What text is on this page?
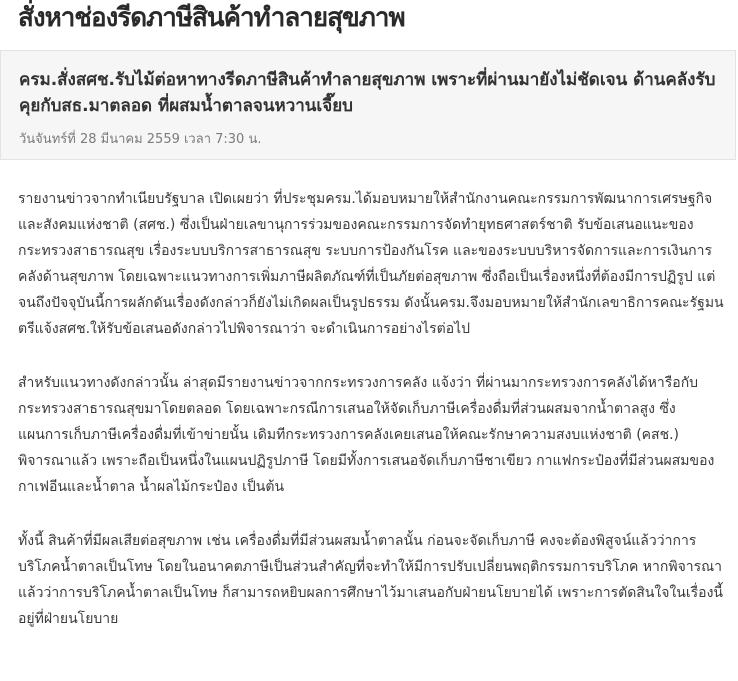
สั่งหาช่องรีดภาษีสินค้าทำลายสุขภาพ
ครม.สั่งสศช.รับไม้ต่อหาทางรีดภาษีสินค้าทำลายสุขภาพ เพราะที่ผ่านมายังไม่ชัดเจน ด้านคลังรับคุยกับสธ.มาตลอด ที่ผสมน้ำตาลจนหวานเจี๊ยบ
วันจันทร์ที่ 28 มีนาคม 2559 เวลา 7:30 น.

รายงานข่าวจากทำเนียบรัฐบาล เปิดเผยว่า ที่ประชุมครม.ได้มอบหมายให้สำนักงานคณะกรรมการพัฒนาการเศรษฐกิจและสังคมแห่งชาติ (สศช.) ซึ่งเป็นฝ่ายเลขานุการร่วมของคณะกรรมการจัดทำยุทธศาสตร์ชาติ รับข้อเสนอแนะของกระทรวงสาธารณสุข เรื่องระบบบริการสาธารณสุข ระบบการป้องกันโรค และของระบบบริหารจัดการและการเงินการคลังด้านสุขภาพ โดยเฉพาะแนวทางการเพิ่มภาษีผลิตภัณฑ์ที่เป็นภัยต่อสุขภาพ ซึ่งถือเป็นเรื่องหนึ่งที่ต้องมีการปฏิรูป แต่จนถึงปัจจุบันนี้การผลักดันเรื่องดังกล่าวก็ยังไม่เกิดผลเป็นรูปธรรม ดังนั้นครม.จึงมอบหมายให้สำนักเลขาธิการคณะรัฐมนตรีแจ้งสศช.ให้รับข้อเสนอดังกล่าวไปพิจารณาว่า จะดำเนินการอย่างไรต่อไป

สำหรับแนวทางดังกล่าวนั้น ล่าสุดมีรายงานข่าวจากกระทรวงการคลัง แจ้งว่า ที่ผ่านมากระทรวงการคลังได้หารือกับกระทรวงสาธารณสุขมาโดยตลอด โดยเฉพาะกรณีการเสนอให้จัดเก็บภาษีเครื่องดื่มที่ส่วนผสมจากน้ำตาลสูง ซึ่งแผนการเก็บภาษีเครื่องดื่มที่เข้าข่ายนั้น เดิมทีกระทรวงการคลังเคยเสนอให้คณะรักษาความสงบแห่งชาติ (คสช.) พิจารณาแล้ว เพราะถือเป็นหนึ่งในแผนปฏิรูปภาษี โดยมีทั้งการเสนอจัดเก็บภาษีชาเขียว กาแฟกระป๋องที่มีส่วนผสมของกาเฟอีนและน้ำตาล น้ำผลไม้กระป๋อง เป็นต้น

ทั้งนี้ สินค้าที่มีผลเสียต่อสุขภาพ เช่น เครื่องดื่มที่มีส่วนผสมน้ำตาลนั้น ก่อนจะจัดเก็บภาษี คงจะต้องพิสูจน์แล้วว่าการบริโภคน้ำตาลเป็นโทษ โดยในอนาคตภาษีเป็นส่วนสำคัญที่จะทำให้มีการปรับเปลี่ยนพฤติกรรมการบริโภค หากพิจารณาแล้วว่าการบริโภคน้ำตาลเป็นโทษ ก็สามารถหยิบผลการศึกษาไว้มาเสนอกับฝ่ายนโยบายได้ เพราะการตัดสินใจในเรื่องนี้อยู่ที่ฝ่ายนโยบาย
